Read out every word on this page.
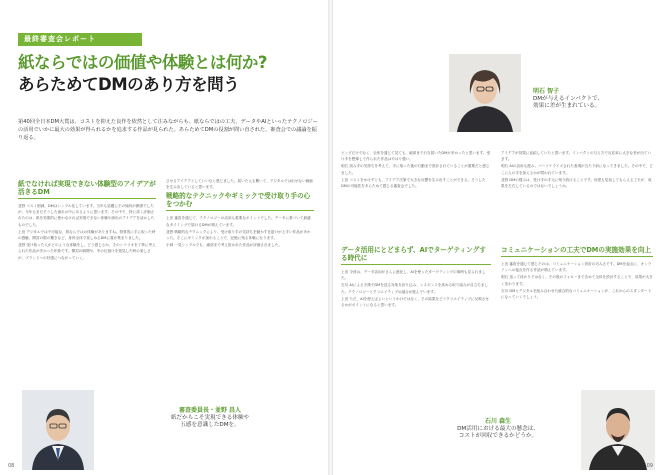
最終審査会レポート
紙ならではの価値や体験とは何か?
あらためてDMのあり方を問う
第40回全日本DM大賞は、コストを抑えた良作を依然として注みながらも、紙ならではの工夫、データやAIといったテクノロジーの活用でいかに最大の効果が得られるかを追求する作品が見られた。あらためてDMの役割が問い直された、審査会での議論を振り返る。
紙でなければ実現できない体験型のアイデアが活きるDM

並野 コスト削減、DMはシンプル化しています。当年も話題にその傾向が顕著でしたが、今年もまだそうした流れの中にあるように思います。その中で、特に高く評価されたのは、紙を効果的に使わなければ実現できない体験や演出のアイデアを活かしたものでした。

上田 デジタルでは不可能な、紙ならではの体験がありますね。物質的に手に取った時の感触、開封の際の驚きなど、身体全体で楽しめるDMに賞が集まりました。

並野 受け取った人がどのような体験をし、どう感じるか、そのシナリオを丁寧に考えられた作品が多かった印象です。開封の瞬間や、中の仕掛けを発見した時の楽しさが、ブランドへの好感につながっていく。

させるアイデアとしていいなと感じました。届いた人も驚いて、デジタルでは出せない価値を生み出していると思います。

戦略的なテクニックやギミックで受け取り手の心をつかむ

上田 審査を通じて、テクノロジーの活用も重要なポイントでした。データに基づいて最適なタイミングで届けるDMが増えています。

並野 戦略的なテクニックにより、受け取り手の気持ちを動かす仕掛けが上手い作品が多かった。そこにギミックが加わることで、記憶に残る体験になります。

小林 一見シンプルでも、細部まで考え抜かれた作品が評価されました。

審査委員長・並野 昌人
紙だからこそ実現できる体験や
五感を意識したDMを。
08
明石 智子
DMが与えるインパクトで、
効果に差が生まれている。

ビッグだけでなく、全体を通じて見ても、細部まで行き届いたDMが多かったと思います。受け手を想像して作られた作品はやはり強い。

明石 読み手の気持ちを考えて、手に取った後の行動まで設計されていることが重要だと感じました。

上田 コストをかけずとも、アイデア次第で大きな反響を生み出すことができる。そうしたDMの可能性をあらためて感じる審査会でした。

アイデアが効果に直結していたと思います。インパクトの与え方で反応率に大きな差が出ています。

明石 AIの活用も進み、パーソナライズされた表現が当たり前になってきました。その中で、どこに人の手を加えるかが問われています。

並野 DMの強みは、受け手の手元に残り続けることです。何度も見返してもらえる工夫が、成果を左右しているのではないでしょうか。

データ活用にとどまらず、AIでターゲティングする時代に

上田 今回は、データ活用がさらに進化し、AIを使ったターゲティングの事例も見られました。

石川 AIによる予測でDMを送る対象を絞り込み、レスポンスを高める取り組みが目立ちました。テクノロジーとクリエイティブの融合が進んでいます。

上田 ただ、AIを使えばよいというわけではなく、その結果をどうクリエイティブに反映させるかがポイントになると思います。

コミュニケーションの工夫でDMの実施効果を向上

上田 審査を通じて感じたのは、コミュニケーション設計の巧みさです。DMを起点に、オンラインへの接点を作る作品が増えています。

明石 送って終わりではなく、その後のフォローまで含めて全体を設計することで、効果が大きく変わります。

石川 DMとデジタルを組み合わせた統合的なコミュニケーションが、これからのスタンダードになっていくでしょう。

石川 森生
DM活用における最大の懸念は、
コストが回収できるかどうか。
09
